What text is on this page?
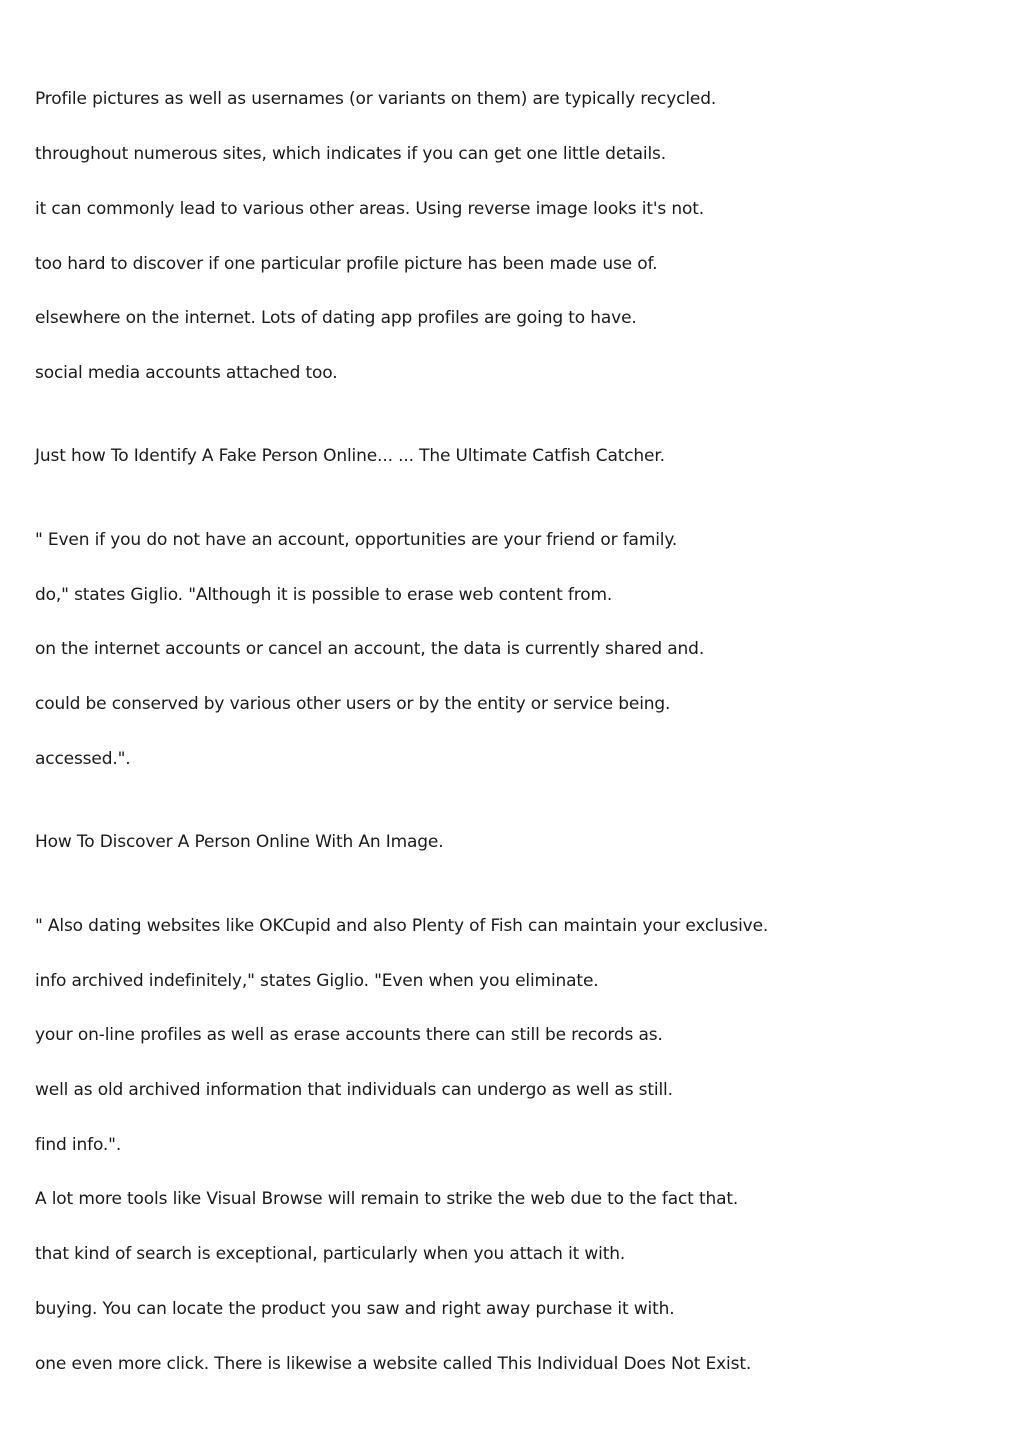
Profile pictures as well as usernames (or variants on them) are typically recycled.

throughout numerous sites, which indicates if you can get one little details.

it can commonly lead to various other areas. Using reverse image looks it's not.

too hard to discover if one particular profile picture has been made use of.

elsewhere on the internet. Lots of dating app profiles are going to have.

social media accounts attached too.

Just how To Identify A Fake Person Online... ... The Ultimate Catfish Catcher.

" Even if you do not have an account, opportunities are your friend or family.

do," states Giglio. "Although it is possible to erase web content from.

on the internet accounts or cancel an account, the data is currently shared and.

could be conserved by various other users or by the entity or service being.

accessed.".

How To Discover A Person Online With An Image.

" Also dating websites like OKCupid and also Plenty of Fish can maintain your exclusive.

info archived indefinitely," states Giglio. "Even when you eliminate.

your on-line profiles as well as erase accounts there can still be records as.

well as old archived information that individuals can undergo as well as still.

find info.".

A lot more tools like Visual Browse will remain to strike the web due to the fact that.

that kind of search is exceptional, particularly when you attach it with.

buying. You can locate the product you saw and right away purchase it with.

one even more click. There is likewise a website called This Individual Does Not Exist.
